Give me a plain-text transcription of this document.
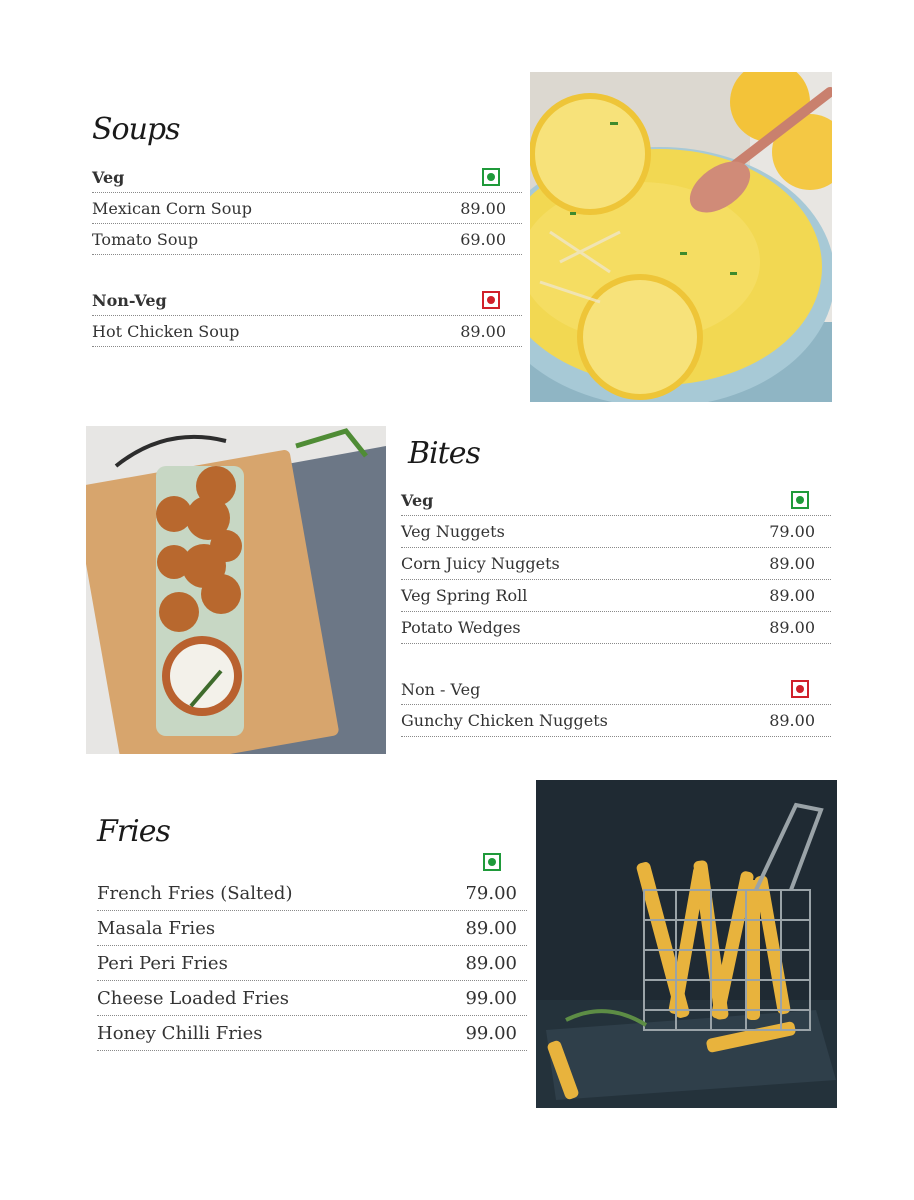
Soups
Veg
Mexican Corn Soup	89.00
Tomato Soup	69.00
Non-Veg
Hot Chicken Soup	89.00
Bites
Veg
Veg Nuggets	79.00
Corn Juicy Nuggets	89.00
Veg Spring Roll	89.00
Potato Wedges	89.00
Non - Veg
Gunchy Chicken Nuggets	89.00
Fries
French Fries (Salted)	79.00
Masala Fries	89.00
Peri Peri Fries	89.00
Cheese Loaded Fries	99.00
Honey Chilli Fries	99.00
